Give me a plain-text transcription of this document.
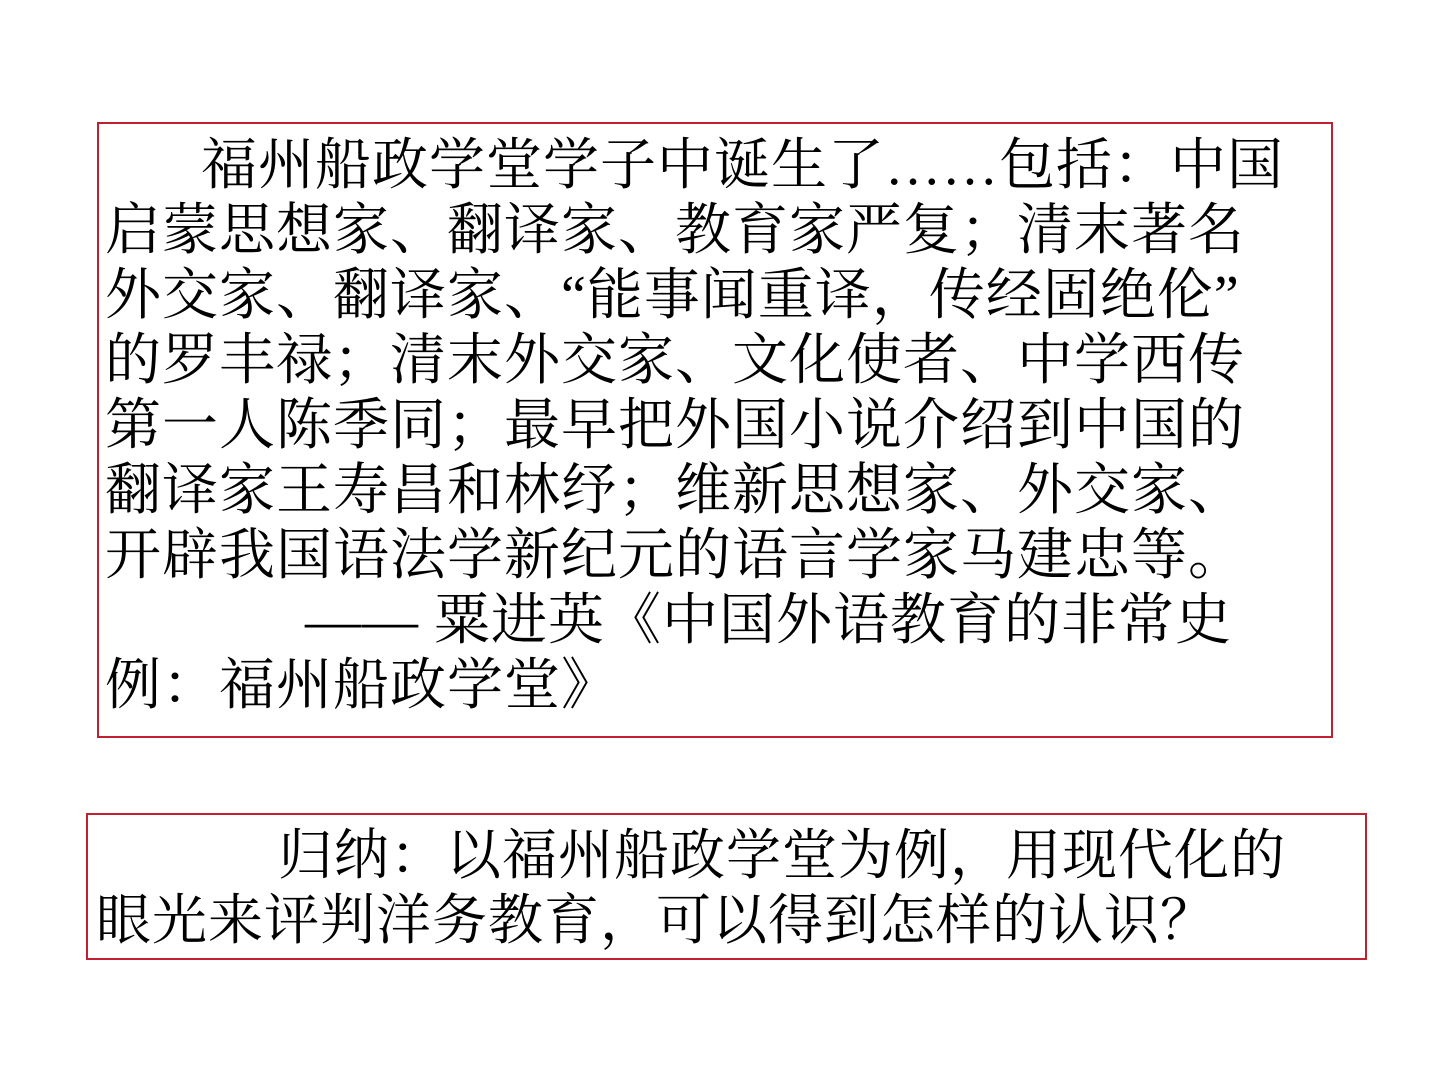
福州船政学堂学子中诞生了……包括：中国
启蒙思想家、翻译家、教育家严复；清末著名
外交家、翻译家、“能事闻重译，传经固绝伦”
的罗丰禄；清末外交家、文化使者、中学西传
第一人陈季同；最早把外国小说介绍到中国的
翻译家王寿昌和林纾；维新思想家、外交家、
开辟我国语法学新纪元的语言学家马建忠等。
—— 粟进英《中国外语教育的非常史
例：福州船政学堂》
归纳：以福州船政学堂为例，用现代化的
眼光来评判洋务教育，可以得到怎样的认识？
